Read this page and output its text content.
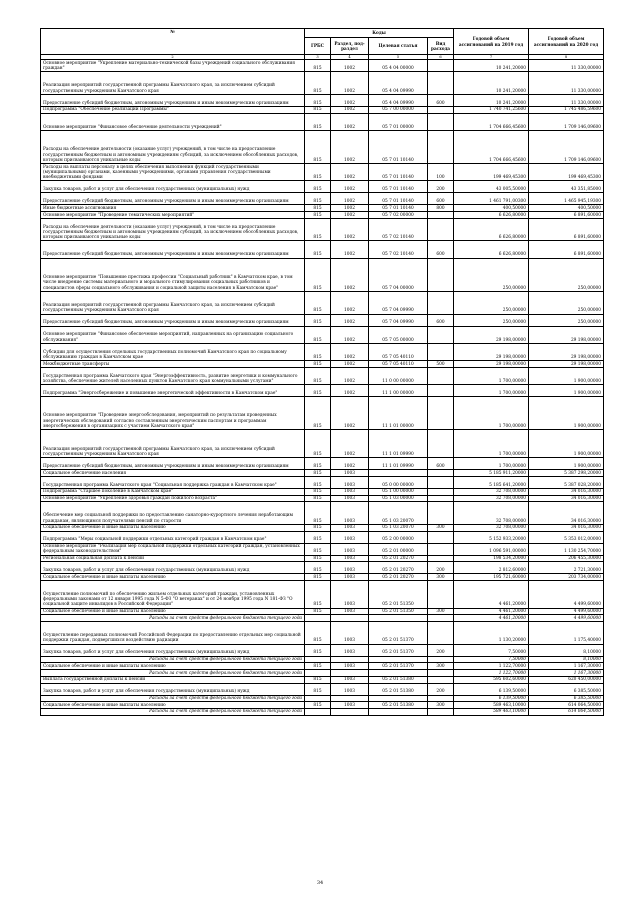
№	Коды				Годовой объем ассигнований на 2019 год	Годовой объем ассигнований на 2020 год
	ГРБС	Раздел, под-раздел	Целевая статья	Вид расхода		
2	3	4	5	6	7	8
Основное мероприятие "Укрепление материально-технической базы учреждений социального обслуживания граждан"	815	1002	05 4 04 00000		10 241,20000	11 330,00000
Реализация мероприятий государственной программы Камчатского края, за исключением субсидий государственным учреждениям Камчатского края	815	1002	05 4 04 09990		10 241,20000	11 330,00000
Предоставление субсидий бюджетным, автономным учреждениям и иным некоммерческим организациям	815	1002	05 4 04 09990	600	10 241,20000	11 330,00000
Подпрограмма "Обеспечение реализации Программы"	815	1002	05 7 00 00000		1 740 741,25600	1 745 486,59600
Основное мероприятие "Финансовое обеспечение деятельности учреждений"	815	1002	05 7 01 00000		1 704 666,45600	1 709 146,09600
Расходы на обеспечение деятельности (оказание услуг) учреждений, в том числе на предоставление государственным бюджетным и автономным учреждениям субсидий, за исключением обособленных расходов, которым присваиваются уникальные коды	815	1002	05 7 01 10140		1 704 666,45600	1 709 146,09600
Расходы на выплаты персоналу в целях обеспечения выполнения функций государственными (муниципальными) органами, казенными учреждениями, органами управления государственными внебюджетными фондами	815	1002	05 7 01 10140	100	199 469,45300	199 469,45300
Закупка товаров, работ и услуг для обеспечения государственных (муниципальных) нужд	815	1002	05 7 01 10140	200	43 005,50000	43 351,85000
Предоставление субсидий бюджетным, автономным учреждениям и иным некоммерческим организациям	815	1002	05 7 01 10140	600	1 461 791,00300	1 465 945,19300
Иные бюджетные ассигнования	815	1002	05 7 01 10140	800	400,50000	400,50000
Основное мероприятие "Проведение тематических мероприятий"	815	1002	05 7 02 00000		6 626,80000	6 891,60000
Расходы на обеспечение деятельности (оказание услуг) учреждений, в том числе на предоставление государственным бюджетным и автономным учреждениям субсидий, за исключением обособленных расходов, которым присваиваются уникальные коды	815	1002	05 7 02 10140		6 626,80000	6 891,60000
Предоставление субсидий бюджетным, автономным учреждениям и иным некоммерческим организациям	815	1002	05 7 02 10140	600	6 626,80000	6 891,60000
Основное мероприятие "Повышение престижа профессии "Социальный работник" в Камчатском крае, в том числе внедрение системы материального и морального стимулирования социальных работников и специалистов сферы социального обслуживания и социальной защиты населения в Камчатском крае"	815	1002	05 7 04 00000		250,00000	250,00000
Реализация мероприятий государственной программы Камчатского края, за исключением субсидий государственным учреждениям Камчатского края	815	1002	05 7 04 09990		250,00000	250,00000
Предоставление субсидий бюджетным, автономным учреждениям и иным некоммерческим организациям	815	1002	05 7 04 09990	600	250,00000	250,00000
Основное мероприятие "Финансовое обеспечение мероприятий, направленных на организацию социального обслуживания"	815	1002	05 7 05 00000		29 198,00000	29 198,00000
Субсидии для осуществления отдельных государственных полномочий Камчатского края по социальному обслуживанию граждан в Камчатском крае	815	1002	05 7 05 40110		29 198,00000	29 198,00000
Межбюджетные трансферты	815	1002	05 7 05 40110	500	29 198,00000	29 198,00000
Государственная программа Камчатского края "Энергоэффективность, развитие энергетики и коммунального хозяйства, обеспечение жителей населенных пунктов Камчатского края коммунальными услугами"	815	1002	11 0 00 00000		1 700,00000	1 900,00000
Подпрограмма "Энергосбережение и повышение энергетической эффективности в Камчатском крае"	815	1002	11 1 00 00000		1 700,00000	1 900,00000
Основное мероприятие "Проведение энергообследования, мероприятий по результатам проведенных энергетических обследований согласно составленным энергетическим паспортам и программам энергосбережения в организациях с участием Камчатского края"	815	1002	11 1 01 00000		1 700,00000	1 900,00000
Реализация мероприятий государственной программы Камчатского края, за исключением субсидий государственным учреждениям Камчатского края	815	1002	11 1 01 09990		1 700,00000	1 900,00000
Предоставление субсидий бюджетным, автономным учреждениям и иным некоммерческим организациям	815	1002	11 1 01 09990	600	1 700,00000	1 900,00000
Социальное обеспечение населения	815	1003			5 185 911,20000	5 387 298,20000
Государственная программа Камчатского края "Социальная поддержка граждан в Камчатском крае"	815	1003	05 0 00 00000		5 185 641,20000	5 387 028,20000
Подпрограмма "Старшее поколение в Камчатском крае"	815	1003	05 1 00 00000		32 708,00000	34 016,30000
Основное мероприятие "Укрепление здоровья граждан пожилого возраста"	815	1003	05 1 03 00000		32 708,00000	34 016,30000
Обеспечение мер социальной поддержки по предоставлению санаторно-курортного лечения неработающим гражданам, являющимся получателями пенсий по старости	815	1003	05 1 03 20070		32 708,00000	34 016,30000
Социальное обеспечение и иные выплаты населению	815	1003	05 1 03 20070	300	32 708,00000	34 016,30000
Подпрограмма "Меры социальной поддержки отдельных категорий граждан в Камчатском крае"	815	1003	05 2 00 00000		5 152 933,20000	5 353 012,00000
Основное мероприятие "Реализация мер социальной поддержки отдельных категорий граждан, установленных федеральным законодательством"	815	1003	05 2 01 00000		1 096 591,00000	1 130 254,70000
Региональная социальная доплата к пенсии	815	1003	05 2 01 20270		198 534,20000	206 455,30000
Закупка товаров, работ и услуг для обеспечения государственных (муниципальных) нужд	815	1003	05 2 01 20270	200	2 812,60000	2 721,30000
Социальное обеспечение и иные выплаты населению	815	1003	05 2 01 20270	300	195 721,60000	203 734,00000
Осуществление полномочий по обеспечению жильем отдельных категорий граждан, установленных федеральными законами от 12 января 1995 года N 5-ФЗ "О ветеранах" и от 24 ноября 1995 года N 181-ФЗ "О социальной защите инвалидов в Российской Федерации"	815	1003	05 2 01 51350		4 461,20000	4 499,60000
Социальное обеспечение и иные выплаты населению	815	1003	05 2 01 51350	300	4 461,20000	4 499,60000
Расходы за счет средств федерального бюджета текущего года					4 461,20000	4 499,60000
Осуществление переданных полномочий Российской Федерации по предоставлению отдельных мер социальной поддержки граждан, подвергшихся воздействию радиации	815	1003	05 2 01 51370		1 130,20000	1 175,40000
Закупка товаров, работ и услуг для обеспечения государственных (муниципальных) нужд	815	1003	05 2 01 51370	200	7,50000	8,10000
Расходы за счет средств федерального бюджета текущего года					7,50000	8,10000
Социальное обеспечение и иные выплаты населению	815	1003	05 2 01 51370	300	1 122,70000	1 167,30000
Расходы за счет средств федерального бюджета текущего года					1 122,70000	1 167,30000
Выплата государственной доплаты к пенсии	815	1003	05 2 01 51380		595 602,60000	620 450,00000
Закупка товаров, работ и услуг для обеспечения государственных (муниципальных) нужд	815	1003	05 2 01 51380	200	6 139,50000	6 385,50000
Расходы за счет средств федерального бюджета текущего года					6 139,50000	6 385,50000
Социальное обеспечение и иные выплаты населению	815	1003	05 2 01 51380	300	589 463,10000	614 064,50000
Расходы за счет средств федерального бюджета текущего года					589 463,10000	614 064,50000
34
